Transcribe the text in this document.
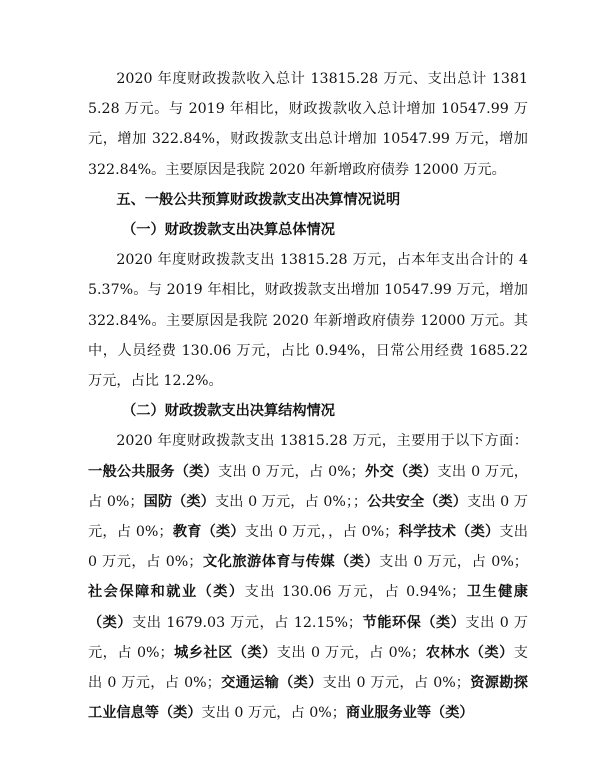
2020 年度财政拨款收入总计 13815.28 万元、支出总计 13815.28 万元。与 2019 年相比，财政拨款收入总计增加 10547.99 万元，增加 322.84%，财政拨款支出总计增加 10547.99 万元，增加 322.84%。主要原因是我院 2020 年新增政府债券 12000 万元。

五、一般公共预算财政拨款支出决算情况说明

（一）财政拨款支出决算总体情况

2020 年度财政拨款支出 13815.28 万元，占本年支出合计的 45.37%。与 2019 年相比，财政拨款支出增加 10547.99 万元，增加 322.84%。主要原因是我院 2020 年新增政府债券 12000 万元。其中，人员经费 130.06 万元，占比 0.94%，日常公用经费 1685.22 万元，占比 12.2%。

（二）财政拨款支出决算结构情况

2020 年度财政拨款支出 13815.28 万元，主要用于以下方面：一般公共服务（类）支出 0 万元，占 0%；外交（类）支出 0 万元，占 0%；国防（类）支出 0 万元，占 0%；；公共安全（类）支出 0 万元，占 0%；教育（类）支出 0 万元，，占 0%；科学技术（类）支出 0 万元，占 0%；文化旅游体育与传媒（类）支出 0 万元，占 0%；社会保障和就业（类）支出 130.06 万元，占 0.94%；卫生健康（类）支出 1679.03 万元，占 12.15%；节能环保（类）支出 0 万元，占 0%；城乡社区（类）支出 0 万元，占 0%；农林水（类）支出 0 万元，占 0%；交通运输（类）支出 0 万元，占 0%；资源勘探工业信息等（类）支出 0 万元，占 0%；商业服务业等（类）
